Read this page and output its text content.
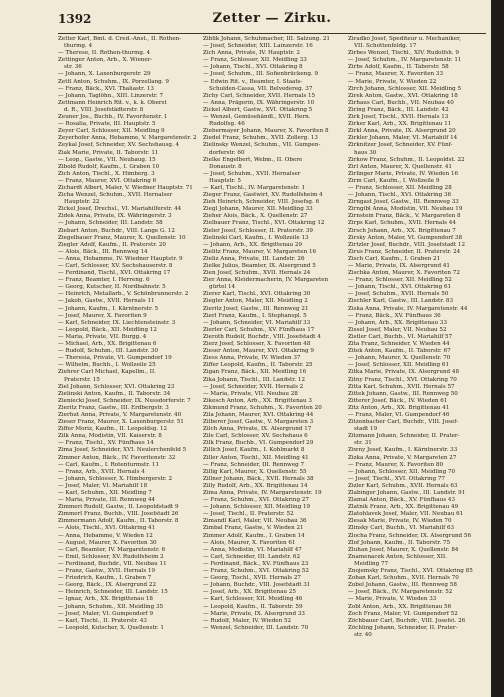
1392	Zetter — Zirku.
Zetter Karl, Bmt. d. Cred.-Anst., II. Rothen-
thurmg. 4
— Therese, II. Rothen-thurmg. 4
Zettinger Anton, Arb., X. Wiener-
str. 36
— Johann, X. Laxenburgerstr. 29
Zettl Anton, Schuhm., IX. Porzellang. 9
— Franz, Bäck., XVI. Thaliastr. 13
— Johann, Taglöhn., XIII. Linzerstr. 7
Zettmann Heinrich Rit. v., k. k. Oberst
d. R., VIII. Josefstädterstr. 8
Zeuner Jos., Buchb., IV. Favoritenstr. 1
— Rosalia, Private, III. Hauptstr. 5
Zeyer Carl, Schlosser, XII. Meidling 9
Zeyerhofer Anna, Hebamme, V. Margaretenstr. 2
Zeykal Josef, Schneider, XV. Sechshausg. 4
Ziak Marie, Private, II. Taborstr. 11
— Leop., Gastw., VII. Neubaug. 15
Zibold Rudolf, Kaufm., I. Graben 10
Zich Anton, Tischl., X. Himberg. 3
— Franz, Maurer, XVI. Ottakring 6
Zichardt Albert, Maler, V. Wiedner Hauptstr. 71
Zicha Wenzel, Schuhm., XVII. Hernalser
Hauptstr. 22
Zickel Josef, Drechsl., VI. Mariahilferstr. 44
Zidek Anna, Private, IX. Währingerstr. 3
— Johann, Schneider, III. Landstr. 58
Ziebart Anton, Buchdr., VIII. Lange G. 12
Ziegelbauer Franz, Maurer, X. Quellenstr. 10
Ziegler Adolf, Kaufm., II. Praterstr. 20
— Alois, Bäck., III. Rennweg 14
— Anna, Hebamme, IV. Wiedner Hauptstr. 9
— Carl, Schlosser, XV. Sechshauserstr. 8
— Ferdinand, Tischl., XVI. Ottakring 17
— Franz, Beamter, I. Herreng. 6
— Georg, Kutscher, II. Nordbahnstr. 5
— Heinrich, Metallarb., V. Schönbrunnerstr. 2
— Jakob, Gastw., XVII. Hernals 11
— Johann, Kaufm., I. Kärntnerstr. 5
— Josef, Maurer, X. Favoriten 9
— Karl, Schneider, IX. Liechtensteinstr. 3
— Leopold, Bäck., XII. Meidling 12
— Maria, Private, VII. Burgg. 4
— Michael, Arb., XX. Brigittenau 6
— Rudolf, Schuhm., III. Landstr. 30
— Theresia, Private, VI. Gumpendorf 19
— Wilhelm, Buchh., I. Wollzeile 25
Ziehrer Carl Michael, Kapellm., II.
Praterstr. 15
Ziel Johann, Schlosser, XVI. Ottakring 23
Zielinski Anton, Kaufm., II. Taborstr. 34
Zieniecki Josef, Schneider, IX. Nussdorferstr. 7
Zieritz Franz, Gastw., III. Erdbergstr. 3
Zierhut Anna, Private, V. Margaretenstr. 40
Zieser Franz, Maurer, X. Laxenburgerstr. 51
Ziffer Moriz, Kaufm., II. Leopoldsg. 12
Zilk Anna, Modistin, VII. Kaiserstr. 8
— Franz, Tischl., XV. Fünfhaus 14
Zima Josef, Schneider, XVI. Neulerchenfeld 5
Zimmer Anton, Bäck., IV. Favoritenstr. 32
— Carl, Kaufm., I. Rotenturmstr. 11
— Franz, Arb., XVII. Hernals 4
— Johann, Schlosser, X. Himbergerstr. 2
— Josef, Maler, VI. Mariahilf 18
— Karl, Schuhm., XII. Meidling 7
— Maria, Private, III. Rennweg 44
Zimmeri Rudolf, Gastw., II. Leopoldstadt 9
Zimmerl Franz, Buchb., VIII. Josefstadt 26
Zimmermann Adolf, Kaufm., II. Taborstr. 8
— Alois, Tischl., XVI. Ottakring 41
— Anna, Hebamme, V. Wieden 12
— August, Maurer, X. Favoriten 30
— Carl, Beamter, IV. Margaretenstr. 6
— Emil, Schlosser, XV. Rudolfsheim 2
— Ferdinand, Buchdr., VII. Neubau 11
— Franz, Gastw., XVII. Hernals 19
— Friedrich, Kaufm., I. Graben 7
— Georg, Bäck., IX. Alsergrund 22
— Heinrich, Schneider, III. Landstr. 15
— Ignaz, Arb., XX. Brigittenau 18
— Johann, Schuhm., XII. Meidling 35
— Josef, Maler, VI. Gumpendorf 9
— Karl, Tischl., II. Praterstr. 43
— Leopold, Kutscher, X. Quellenstr. 1
Ziblik Johann, Schuhmacher, III. Salzung. 21
— Josef, Schneider, XIII. Lainzerstr. 16
Zich Anna, Private, IV. Hauptstr. 2
— Franz, Schlosser, XII. Meidling 33
— Johann, Tischl., XVI. Ottakring 8
— Josef, Schuhm., III. Sofienbrückeng. 9
— Edwin Rit. v., Beamter, I. Staats-
Schulden-Cassa, VII. Belvedereg. 37
Zichy Carl, Schneider, XVII. Hernals 15
— Anna, Prägerin, IX. Währingerstr. 10
Zickel Albert, Gastw., XVI. Ottakring 5
— Wenzel, Gemüsehändl., XVII. Hern.
Rudolfsg. 46
Ziebermayer Johann, Maurer, X. Favoriten 8
Ziedel Franz, Schuhm., XVII. Zollerg. 13
Zielinsky Wenzel, Schuhm., VII. Gumpen-
dorferstr. 60
Zielke Engelbert, Webm., II. Obere
Donaustr. 8
— Josef, Schuhm., XVII. Hernalser
Hauptstr. 5
— Karl, Tischl., IV. Margaretenstr. 1
Zieger Franz, Gastwirt, XV. Rudolfsheim 4
Zieh Heinrich, Schneider, VIII. Josefsg. 6
Ziegl Johann, Maurer, XII. Meidling 33
Zieher Alois, Bäck., X. Quellenstr. 27
Zielbauer Franz, Tischl., XVI. Ottakring 12
Zieler Josef, Schlosser, II. Praterstr. 39
Zielinski Carl, Kaufm., I. Wollzeile 13
— Johann, Arb., XX. Brigittenau 29
Zielitz Franz, Maurer, V. Margareten 16
Zieliz Anna, Private, III. Landstr. 26
Zielke Julius, Beamter, IX. Alsergrund 5
Zien Josef, Schuhm., XVII. Hernals 24
Zier Anna, Kleidermacherin, IV. Margareten
gürtel 14
Zierer Karl, Tischl., XVI. Ottakring 30
Ziegler Anton, Maler, XII. Meidling 2
Zieritz Josef, Gastw., III. Rennweg 21
Zierl Franz, Kaufm., I. Stephanspl. 5
— Johann, Schneider, VI. Mariahilf 33
Zierler Carl, Schuhm., XV. Fünfhaus 17
Zieroth Rudolf, Buchdr., VIII. Josefstadt 4
Zierz Josef, Schlosser, X. Favoriten 48
Zieser Anton, Maurer, XVI. Ottakring 9
Ziess Anna, Private, IV. Wieden 37
Ziffer Leopold, Kaufm., II. Taborstr. 25
Zigan Franz, Bäck., XII. Meidling 16
Zika Johann, Tischl., III. Landstr. 12
— Josef, Schneider, XVII. Hernals 2
— Maria, Private, VII. Neubau 28
Zikesch Anton, Arb., XX. Brigittenau 3
Zikmund Franz, Schuhm., X. Favoriten 20
Zila Johann, Maurer, XVI. Ottakring 44
Zilberer Josef, Gastw., V. Margareten 3
Zilch Anna, Private, IX. Alsergrund 17
Zile Carl, Schlosser, XV. Sechshaus 6
Zilk Franz, Buchb., VI. Gumpendorf 29
Zillich Josef, Kaufm., I. Kohlmarkt 8
Ziller Anton, Tischl., XII. Meidling 41
— Franz, Schneider, III. Rennweg 7
Zillig Karl, Maurer, X. Quellenstr. 55
Zillner Johann, Bäck., XVII. Hernals 38
Zilly Rudolf, Arb., XX. Brigittenau 14
Zima Anna, Private, IV. Margaretenstr. 19
— Franz, Schuhm., XVI. Ottakring 27
— Johann, Schlosser, XII. Meidling 19
— Josef, Tischl., II. Praterstr. 52
Zimandl Karl, Maler, VII. Neubau 36
Zimbal Franz, Gastw., V. Wieden 21
Zimmer Adolf, Kaufm., I. Graben 14
— Alois, Maurer, X. Favoriten 61
— Anna, Modistin, VI. Mariahilf 47
— Carl, Schneider, III. Landstr. 62
— Ferdinand, Bäck., XV. Fünfhaus 23
— Franz, Schuhm., XVI. Ottakring 52
— Georg, Tischl., XVII. Hernals 27
— Johann, Buchdr., VIII. Josefstadt 31
— Josef, Arb., XX. Brigittenau 25
— Karl, Schlosser, XII. Meidling 46
— Leopold, Kaufm., II. Taborstr. 59
— Marie, Private, IX. Alsergrund 33
— Rudolf, Maler, IV. Wieden 52
— Wenzel, Schneider, III. Landstr. 70
Ziradko Josef, Spediteur u. Mechaniker,
VII. Schottenfeldg. 17
Zirbes Wenzel, Tischl., XIV. Rudolfsh. 9
— Josef, Schuhm., IV. Margaretenstr. 11
Zirbs Adolf, Kaufm., II. Taborstr. 58
— Franz, Maurer, X. Favoriten 33
— Marie, Private, V. Wieden 22
Zirch Johann, Schlosser, XII. Meidling 5
Zirek Anton, Gastw., XVI. Ottakring 18
Zirhaus Carl, Buchb., VII. Neubau 40
Ziring Franz, Bäck., III. Landstr. 42
Zirk Josef, Tischl., XVII. Hernals 13
Zirker Karl, Arb., XX. Brigittenau 11
Zirkl Anna, Private, IX. Alsergrund 20
Zirkler Johann, Maler, VI. Mariahilf 14
Zirknitzer Josef, Schneider, XV. Fünf-
haus 30
Zirkow Franz, Schuhm., II. Leopoldst. 22
Zirl Anton, Maurer, X. Quellenstr. 41
Zirlinger Marie, Private, IV. Wieden 16
Zirm Carl, Kaufm., I. Wollzeile 9
— Franz, Schlosser, XII. Meidling 28
— Johann, Tischl., XVI. Ottakring 36
Zirngast Josef, Gastw., III. Rennweg 33
Zirngibl Anna, Modistin, VII. Neubau 19
Zirnstein Franz, Bäck., V. Margareten 8
Zirps Karl, Schuhm., XVII. Hernals 44
Zirsch Johann, Arb., XX. Brigittenau 7
Zirsky Anton, Maler, VI. Gumpendorf 38
Zirtzler Josef, Buchdr., VIII. Josefstadt 12
Zirus Franz, Schneider, II. Praterstr. 24
Zisch Carl, Kaufm., I. Graben 21
— Marie, Private, IX. Alsergrund 41
Zischka Anton, Maurer, X. Favoriten 72
— Franz, Schlosser, XII. Meidling 52
— Johann, Tischl., XVI. Ottakring 61
— Josef, Schuhm., XVII. Hernals 50
Zischler Karl, Gastw., III. Landstr. 83
Ziska Anna, Private, IV. Margaretenstr. 44
— Franz, Bäck., XV. Fünfhaus 36
— Johann, Arb., XX. Brigittenau 33
Zissel Josef, Maler, VII. Neubau 52
Zistler Carl, Buchb., VI. Mariahilf 57
Zita Franz, Schneider, V. Wieden 44
Zitek Anton, Kaufm., II. Taborstr. 67
— Johann, Maurer, X. Quellenstr. 70
— Josef, Schlosser, XII. Meidling 61
Zitka Marie, Private, IX. Alsergrund 48
Zitny Franz, Tischl., XVI. Ottakring 70
Zitta Karl, Schuhm., XVII. Hernals 57
Zittek Johann, Gastw., III. Rennweg 50
Zitterer Josef, Bäck., IV. Wieden 61
Zitz Anton, Arb., XX. Brigittenau 41
— Franz, Maler, VI. Gumpendorf 46
Zitzenbacher Carl, Buchdr., VIII. Josef-
stadt 19
Zitzmann Johann, Schneider, II. Prater-
str. 31
Ziwny Josef, Kaufm., I. Kärntnerstr. 33
Zizka Anna, Private, V. Margareten 27
— Franz, Maurer, X. Favoriten 80
— Johann, Schlosser, XII. Meidling 70
— Josef, Tischl., XVI. Ottakring 77
Zizler Karl, Schuhm., XVII. Hernals 63
Zlabinger Johann, Gastw., III. Landstr. 91
Zlamal Anton, Bäck., XV. Fünfhaus 43
Zlatnik Franz, Arb., XX. Brigittenau 49
Zlatohlavek Josef, Maler, VII. Neubau 61
Zlesak Marie, Private, IV. Wieden 70
Zlinsky Carl, Buchb., VI. Mariahilf 63
Zlocha Franz, Schneider, IX. Alsergrund 56
Zlof Johann, Kaufm., II. Taborstr. 75
Zluhan Josef, Maurer, X. Quellenstr. 84
Znamenacek Anton, Schlosser, XII.
Meidling 77
Znojemsky Franz, Tischl., XVI. Ottakring 85
Zoban Karl, Schuhm., XVII. Hernals 70
Zobel Johann, Gastw., III. Rennweg 58
— Josef, Bäck., IV. Margaretenstr. 52
— Marie, Private, V. Wieden 33
Zobl Anton, Arb., XX. Brigittenau 56
Zoch Franz, Maler, VI. Gumpendorf 52
Zöchbauer Carl, Buchdr., VIII. Josefst. 26
Zöchling Johann, Schneider, II. Prater-
str. 40
